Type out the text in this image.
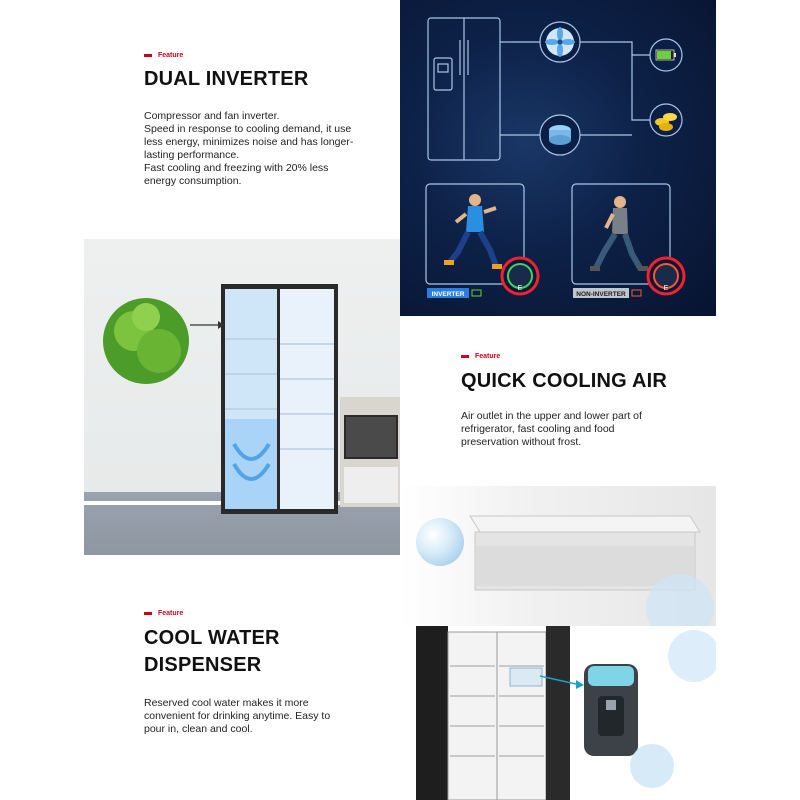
Feature
DUAL INVERTER
Compressor and fan inverter.
Speed in response to cooling demand, it use less energy, minimizes noise and has longer-lasting performance.
Fast cooling and freezing with 20% less energy consumption.
E	E
INVERTER	NON-INVERTER
Feature
QUICK COOLING AIR
Air outlet in the upper and lower part of refrigerator, fast cooling and food preservation without frost.
Feature
COOL WATER
DISPENSER
Reserved cool water makes it more convenient for drinking anytime. Easy to pour in, clean and cool.
